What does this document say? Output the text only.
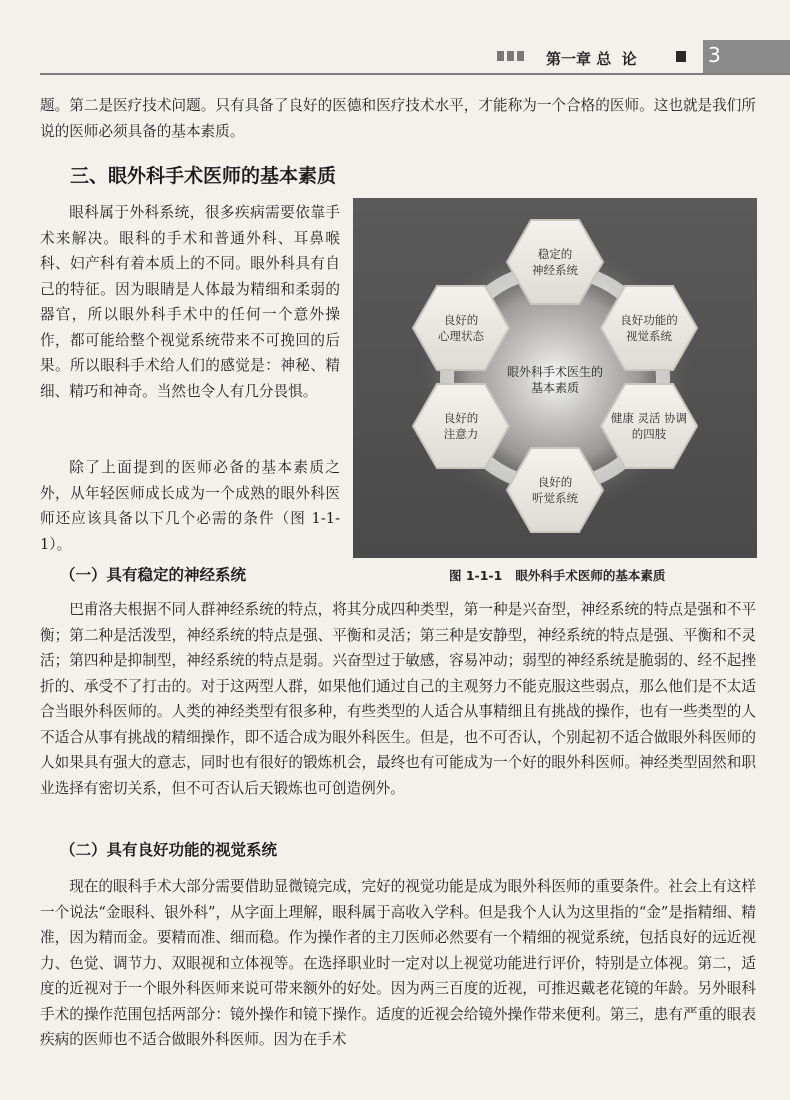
第一章 总  论	3

题。第二是医疗技术问题。只有具备了良好的医德和医疗技术水平，才能称为一个合格的医师。这也就是我们所说的医师必须具备的基本素质。

三、眼外科手术医师的基本素质

眼科属于外科系统，很多疾病需要依靠手术来解决。眼科的手术和普通外科、耳鼻喉科、妇产科有着本质上的不同。眼外科具有自己的特征。因为眼睛是人体最为精细和柔弱的器官，所以眼外科手术中的任何一个意外操作，都可能给整个视觉系统带来不可挽回的后果。所以眼科手术给人们的感觉是：神秘、精细、精巧和神奇。当然也令人有几分畏惧。

除了上面提到的医师必备的基本素质之外，从年轻医师成长成为一个成熟的眼外科医师还应该具备以下几个必需的条件（图 1-1-1）。

稳定的
神经系统
良好功能的
视觉系统
健康 灵活 协调
的四肢
良好的
听觉系统
良好的
注意力
良好的
心理状态
眼外科手术医生的
基本素质
图 1-1-1   眼外科手术医师的基本素质
（一）具有稳定的神经系统

巴甫洛夫根据不同人群神经系统的特点，将其分成四种类型，第一种是兴奋型，神经系统的特点是强和不平衡；第二种是活泼型，神经系统的特点是强、平衡和灵活；第三种是安静型，神经系统的特点是强、平衡和不灵活；第四种是抑制型，神经系统的特点是弱。兴奋型过于敏感，容易冲动；弱型的神经系统是脆弱的、经不起挫折的、承受不了打击的。对于这两型人群，如果他们通过自己的主观努力不能克服这些弱点，那么他们是不太适合当眼外科医师的。人类的神经类型有很多种，有些类型的人适合从事精细且有挑战的操作，也有一些类型的人不适合从事有挑战的精细操作，即不适合成为眼外科医生。但是，也不可否认，个别起初不适合做眼外科医师的人如果具有强大的意志，同时也有很好的锻炼机会，最终也有可能成为一个好的眼外科医师。神经类型固然和职业选择有密切关系，但不可否认后天锻炼也可创造例外。

（二）具有良好功能的视觉系统

现在的眼科手术大部分需要借助显微镜完成，完好的视觉功能是成为眼外科医师的重要条件。社会上有这样一个说法“金眼科、银外科”，从字面上理解，眼科属于高收入学科。但是我个人认为这里指的“金”是指精细、精准，因为精而金。要精而准、细而稳。作为操作者的主刀医师必然要有一个精细的视觉系统，包括良好的远近视力、色觉、调节力、双眼视和立体视等。在选择职业时一定对以上视觉功能进行评价，特别是立体视。第二，适度的近视对于一个眼外科医师来说可带来额外的好处。因为两三百度的近视，可推迟戴老花镜的年龄。另外眼科手术的操作范围包括两部分：镜外操作和镜下操作。适度的近视会给镜外操作带来便利。第三，患有严重的眼表疾病的医师也不适合做眼外科医师。因为在手术
